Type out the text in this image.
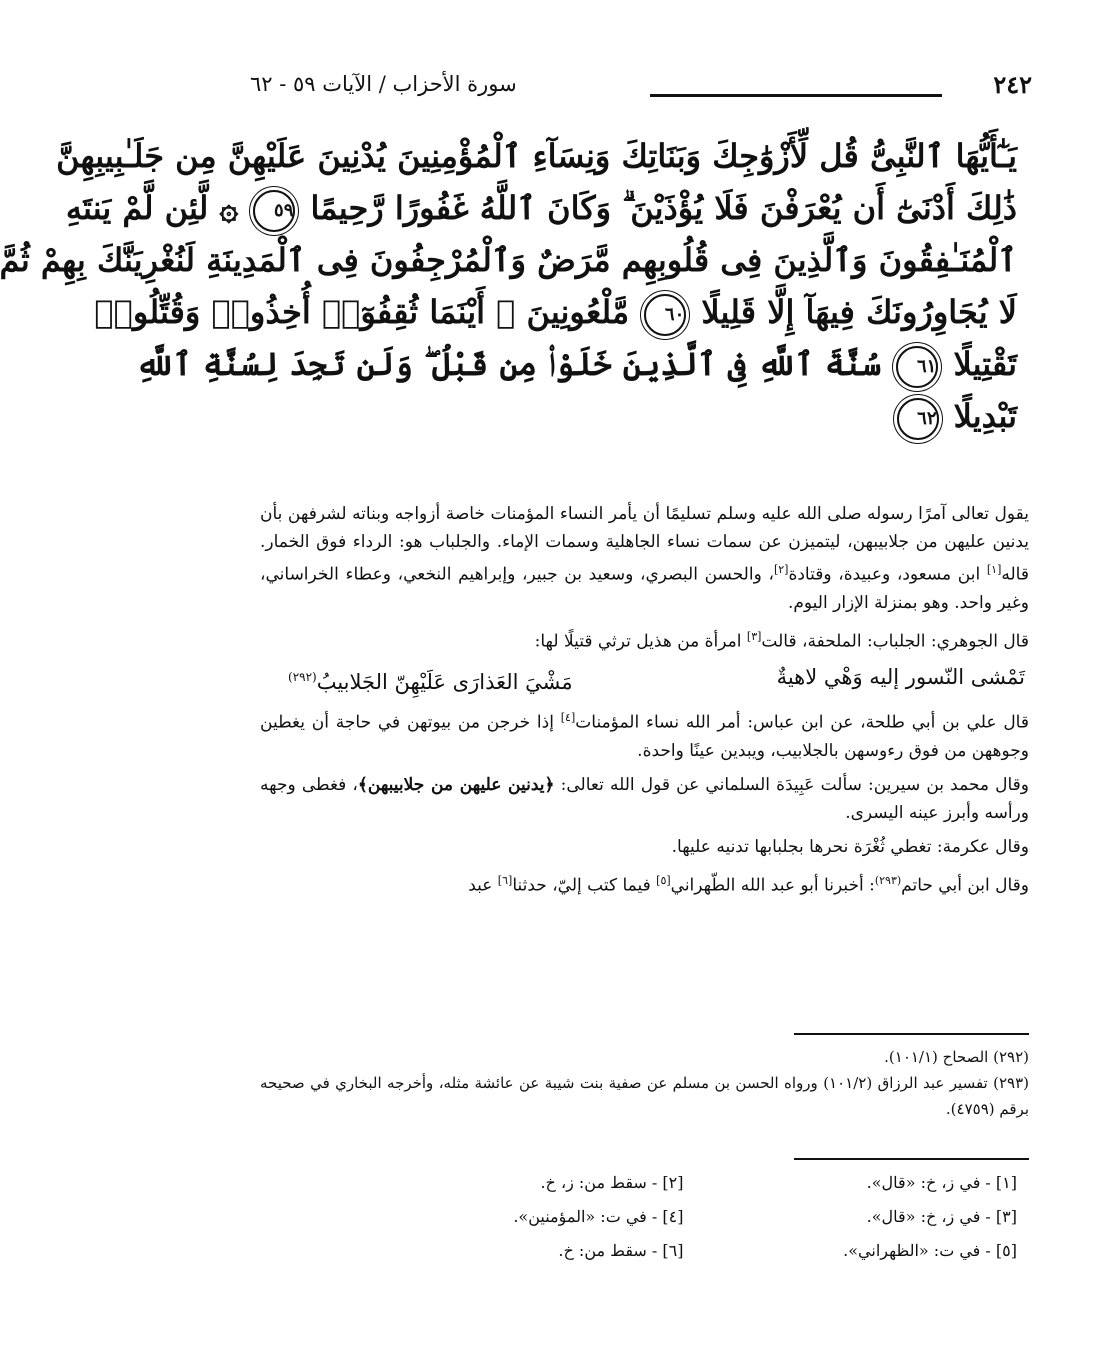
٢٤٢
سورة الأحزاب / الآيات ٥٩ - ٦٢
يَـٰٓأَيُّهَا ٱلنَّبِىُّ قُل لِّأَزْوَٰجِكَ وَبَنَاتِكَ وَنِسَآءِ ٱلْمُؤْمِنِينَ يُدْنِينَ عَلَيْهِنَّ مِن جَلَـٰبِيبِهِنَّ
ذَٰلِكَ أَدْنَىٰٓ أَن يُعْرَفْنَ فَلَا يُؤْذَيْنَ ۗ وَكَانَ ٱللَّهُ غَفُورًا رَّحِيمًا ٥٩ ۞ لَّئِن لَّمْ يَنتَهِ
ٱلْمُنَـٰفِقُونَ وَٱلَّذِينَ فِى قُلُوبِهِم مَّرَضٌ وَٱلْمُرْجِفُونَ فِى ٱلْمَدِينَةِ لَنُغْرِيَنَّكَ بِهِمْ ثُمَّ
لَا يُجَاوِرُونَكَ فِيهَآ إِلَّا قَلِيلًا ٦٠ مَّلْعُونِينَ ۖ أَيْنَمَا ثُقِفُوٓا۟ أُخِذُوا۟ وَقُتِّلُوا۟
تَقْتِيلًا ٦١ سُنَّةَ ٱللَّهِ فِى ٱلَّذِينَ خَلَوْا۟ مِن قَبْلُ ۖ وَلَن تَجِدَ لِسُنَّةِ ٱللَّهِ
تَبْدِيلًا ٦٢

يقول تعالى آمرًا رسوله صلى الله عليه وسلم تسليمًا أن يأمر النساء المؤمنات خاصة أزواجه وبناته لشرفهن بأن يدنين عليهن من جلابيبهن، ليتميزن عن سمات نساء الجاهلية وسمات الإماء. والجلباب هو: الرداء فوق الخمار. قاله[١] ابن مسعود، وعبيدة، وقتادة[٢]، والحسن البصري، وسعيد بن جبير، وإبراهيم النخعي، وعطاء الخراساني، وغير واحد. وهو بمنزلة الإزار اليوم.

قال الجوهري: الجلباب: الملحفة، قالت[٣] امرأة من هذيل ترثي قتيلًا لها:

تَمْشى النّسور إليه وَهْي لاهيةٌ
مَشْيَ العَذارَى عَلَيْهِنّ الجَلابيبُ$^{(٢٩٢)}$

قال علي بن أبي طلحة، عن ابن عباس: أمر الله نساء المؤمنات[٤] إذا خرجن من بيوتهن في حاجة أن يغطين وجوههن من فوق رءوسهن بالجلابيب، ويبدين عينًا واحدة.

وقال محمد بن سيرين: سألت عَبِيدَة السلماني عن قول الله تعالى: ﴿يدنين عليهن من جلابيبهن﴾، فغطى وجهه ورأسه وأبرز عينه اليسرى.

وقال عكرمة: تغطي ثُغْرَة نحرها بجلبابها تدنيه عليها.

وقال ابن أبي حاتم$^{(٢٩٣)}$: أخبرنا أبو عبد الله الطّهراني[٥] فيما كتب إليّ، حدثنا[٦] عبد

(٢٩٢) الصحاح (١٠١/١).

(٢٩٣) تفسير عبد الرزاق (١٠١/٢) ورواه الحسن بن مسلم عن صفية بنت شيبة عن عائشة مثله، وأخرجه البخاري في صحيحه برقم (٤٧٥٩).

[١] - في ز، خ: «قال».
[٢] - سقط من: ز، خ.
[٣] - في ز، خ: «قال».
[٤] - في ت: «المؤمنين».
[٥] - في ت: «الظهراني».
[٦] - سقط من: خ.
